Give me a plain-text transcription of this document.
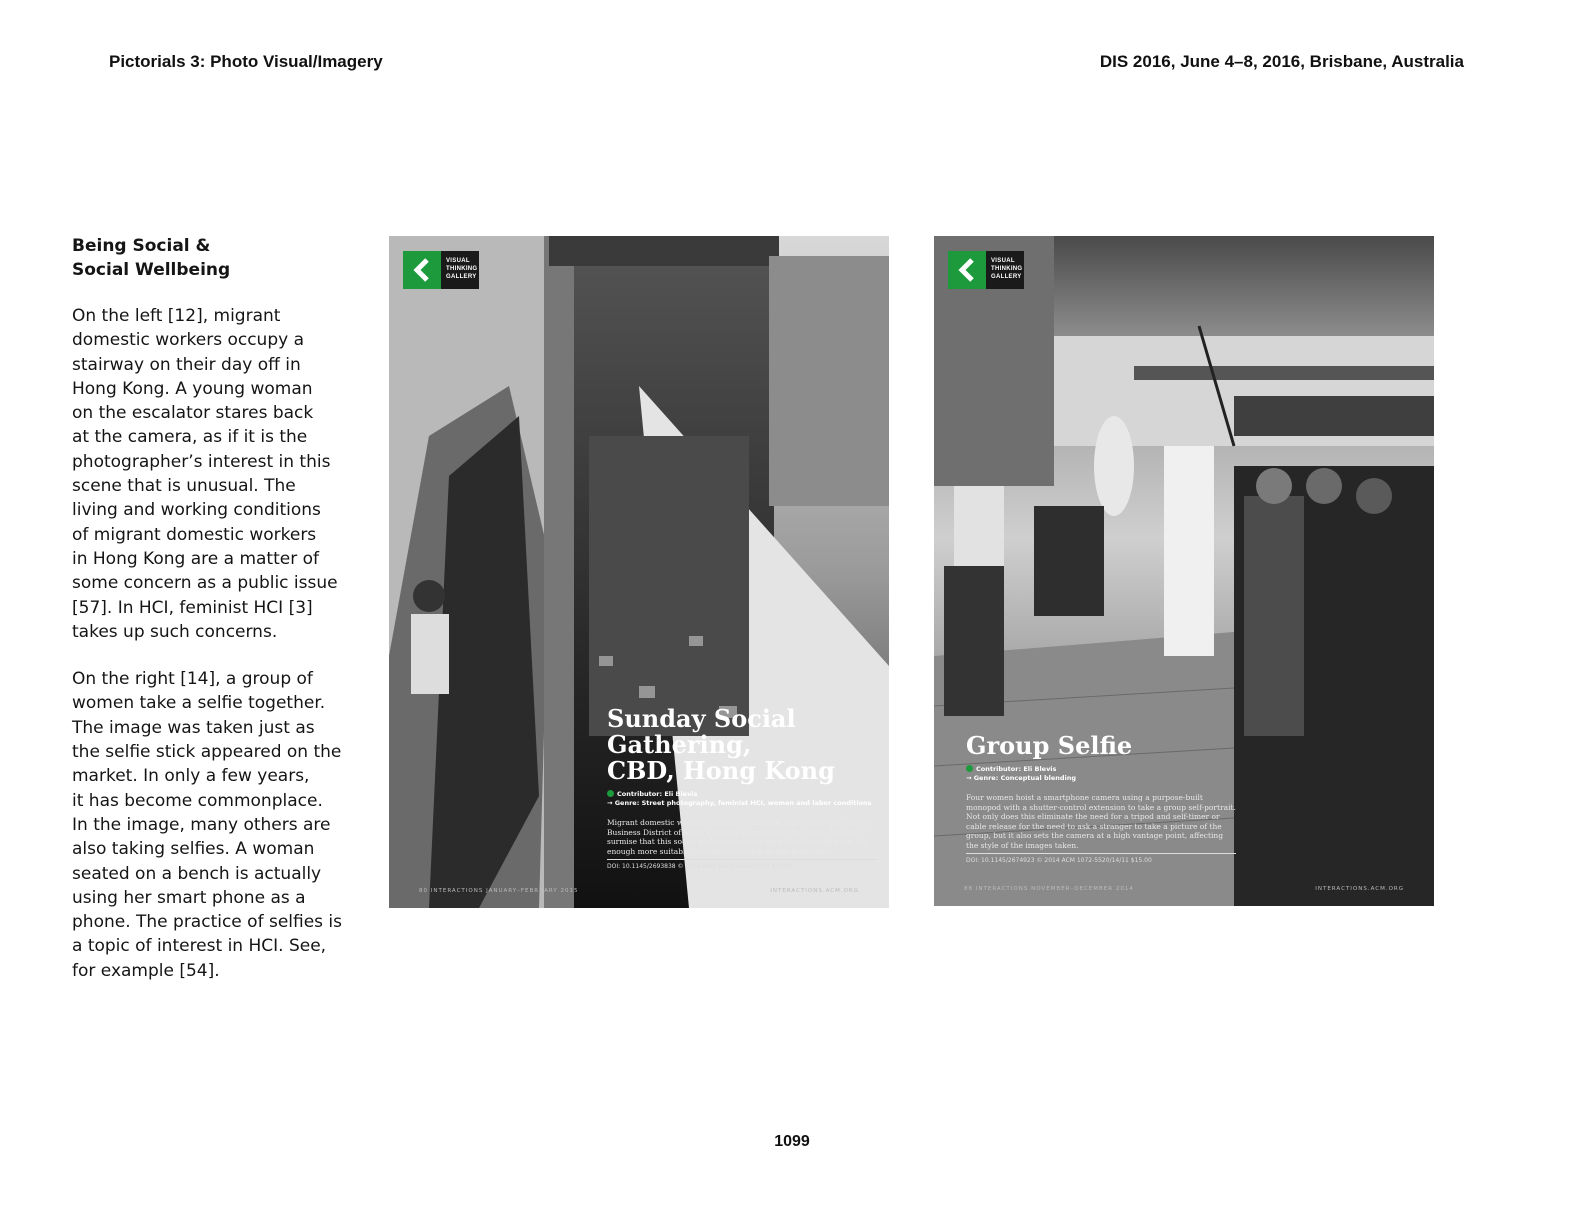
Pictorials 3: Photo Visual/Imagery	DIS 2016, June 4–8, 2016, Brisbane, Australia
Being Social &
Social Wellbeing

On the left [12], migrant
domestic workers occupy a
stairway on their day off in
Hong Kong. A young woman
on the escalator stares back
at the camera, as if it is the
photographer’s interest in this
scene that is unusual. The
living and working conditions
of migrant domestic workers
in Hong Kong are a matter of
some concern as a public issue
[57]. In HCI, feminist HCI [3]
takes up such concerns.

On the right [14], a group of
women take a selfie together.
The image was taken just as
the selfie stick appeared on the
market. In only a few years,
it has become commonplace.
In the image, many others are
also taking selfies. A woman
seated on a bench is actually
using her smart phone as a
phone. The practice of selfies is
a topic of interest in HCI. See,
for example [54].

VISUAL
THINKING
GALLERY
Sunday Social
Gathering,
CBD, Hong Kong
Contributor: Eli Blevis
→ Genre: Street photography, feminist HCI, women and labor conditions
Migrant domestic workers occupy an outdoor stairway in the Central Business District of Hong Kong on a Sunday in May 2014. We can surmise that this social gathering occurs here because there are not enough more suitable locations available to this population.
DOI: 10.1145/2693838 © 2015 ACM 1072-5520/15/01 $15.00
80 INTERACTIONS JANUARY–FEBRUARY 2015	INTERACTIONS.ACM.ORG
VISUAL
THINKING
GALLERY
Group Selfie
Contributor: Eli Blevis
→ Genre: Conceptual blending
Four women hoist a smartphone camera using a purpose-built monopod with a shutter-control extension to take a group self-portrait. Not only does this eliminate the need for a tripod and self-timer or cable release for the need to ask a stranger to take a picture of the group, but it also sets the camera at a high vantage point, affecting the style of the images taken.
DOI: 10.1145/2674923 © 2014 ACM 1072-5520/14/11 $15.00
88 INTERACTIONS NOVEMBER–DECEMBER 2014	INTERACTIONS.ACM.ORG
1099
